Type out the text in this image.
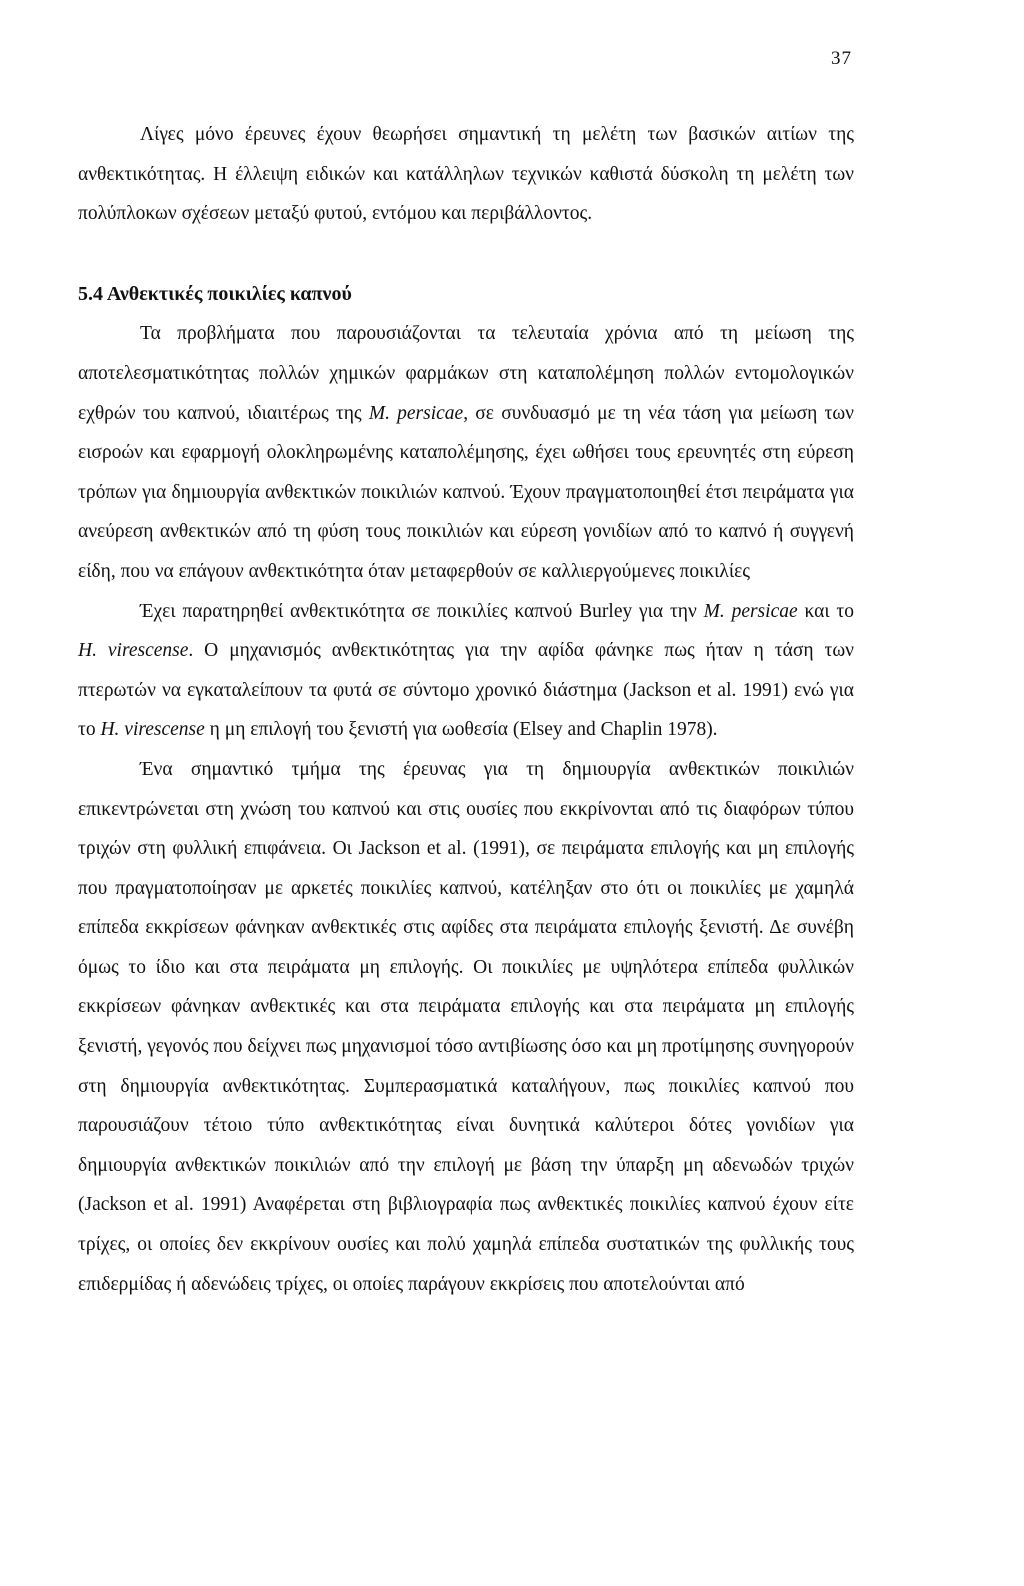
37

Λίγες μόνο έρευνες έχουν θεωρήσει σημαντική τη μελέτη των βασικών αιτίων της ανθεκτικότητας. Η έλλειψη ειδικών και κατάλληλων τεχνικών καθιστά δύσκολη τη μελέτη των πολύπλοκων σχέσεων μεταξύ φυτού, εντόμου και περιβάλλοντος.

5.4 Ανθεκτικές ποικιλίες καπνού

Τα προβλήματα που παρουσιάζονται τα τελευταία χρόνια από τη μείωση της αποτελεσματικότητας πολλών χημικών φαρμάκων στη καταπολέμηση πολλών εντομολογικών εχθρών του καπνού, ιδιαιτέρως της M. persicae, σε συνδυασμό με τη νέα τάση για μείωση των εισροών και εφαρμογή ολοκληρωμένης καταπολέμησης, έχει ωθήσει τους ερευνητές στη εύρεση τρόπων για δημιουργία ανθεκτικών ποικιλιών καπνού. Έχουν πραγματοποιηθεί έτσι πειράματα για ανεύρεση ανθεκτικών από τη φύση τους ποικιλιών και εύρεση γονιδίων από το καπνό ή συγγενή είδη, που να επάγουν ανθεκτικότητα όταν μεταφερθούν σε καλλιεργούμενες ποικιλίες

Έχει παρατηρηθεί ανθεκτικότητα σε ποικιλίες καπνού Burley για την M. persicae και το H. virescense. Ο μηχανισμός ανθεκτικότητας για την αφίδα φάνηκε πως ήταν η τάση των πτερωτών να εγκαταλείπουν τα φυτά σε σύντομο χρονικό διάστημα (Jackson et al. 1991) ενώ για το H. virescense η μη επιλογή του ξενιστή για ωοθεσία (Elsey and Chaplin 1978).

Ένα σημαντικό τμήμα της έρευνας για τη δημιουργία ανθεκτικών ποικιλιών επικεντρώνεται στη χνώση του καπνού και στις ουσίες που εκκρίνονται από τις διαφόρων τύπου τριχών στη φυλλική επιφάνεια. Οι Jackson et al. (1991), σε πειράματα επιλογής και μη επιλογής που πραγματοποίησαν με αρκετές ποικιλίες καπνού, κατέληξαν στο ότι οι ποικιλίες με χαμηλά επίπεδα εκκρίσεων φάνηκαν ανθεκτικές στις αφίδες στα πειράματα επιλογής ξενιστή. Δε συνέβη όμως το ίδιο και στα πειράματα μη επιλογής. Οι ποικιλίες με υψηλότερα επίπεδα φυλλικών εκκρίσεων φάνηκαν ανθεκτικές και στα πειράματα επιλογής και στα πειράματα μη επιλογής ξενιστή, γεγονός που δείχνει πως μηχανισμοί τόσο αντιβίωσης όσο και μη προτίμησης συνηγορούν στη δημιουργία ανθεκτικότητας. Συμπερασματικά καταλήγουν, πως ποικιλίες καπνού που παρουσιάζουν τέτοιο τύπο ανθεκτικότητας είναι δυνητικά καλύτεροι δότες γονιδίων για δημιουργία ανθεκτικών ποικιλιών από την επιλογή με βάση την ύπαρξη μη αδενωδών τριχών (Jackson et al. 1991) Αναφέρεται στη βιβλιογραφία πως ανθεκτικές ποικιλίες καπνού έχουν είτε τρίχες, οι οποίες δεν εκκρίνουν ουσίες και πολύ χαμηλά επίπεδα συστατικών της φυλλικής τους επιδερμίδας ή αδενώδεις τρίχες, οι οποίες παράγουν εκκρίσεις που αποτελούνται από
